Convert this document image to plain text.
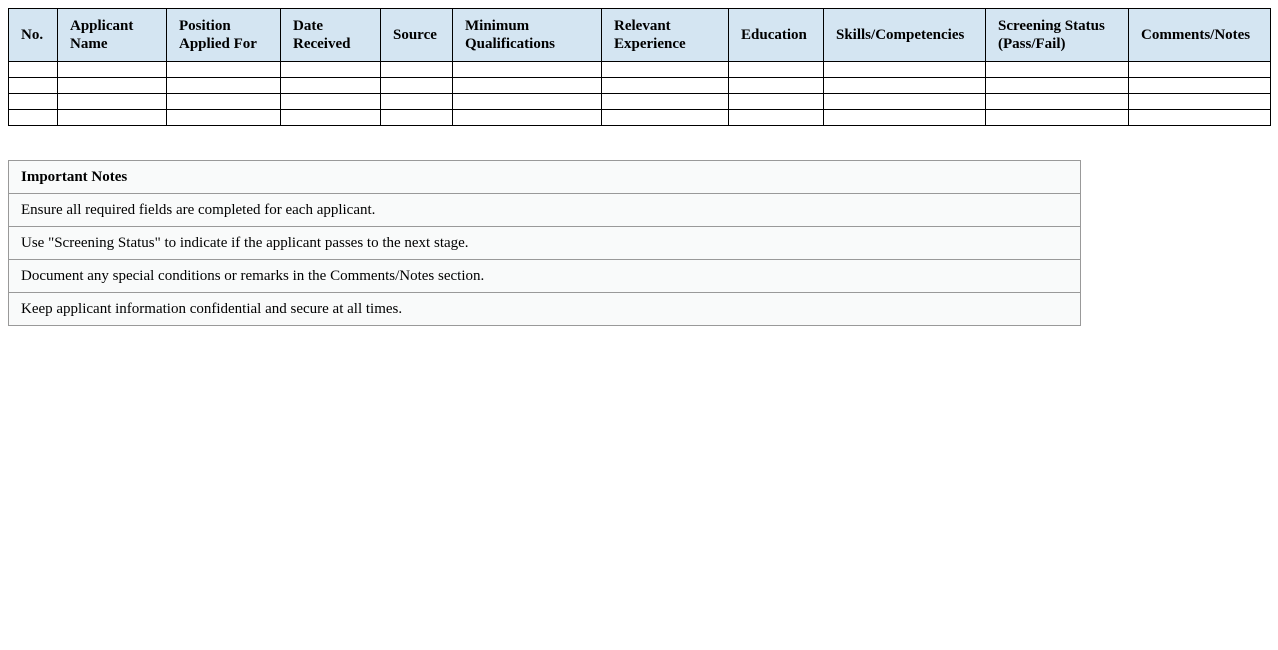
No.	Applicant Name	Position Applied For	Date Received	Source	Minimum Qualifications	Relevant Experience	Education	Skills/Competencies	Screening Status (Pass/Fail)	Comments/Notes

Important Notes
Ensure all required fields are completed for each applicant.
Use "Screening Status" to indicate if the applicant passes to the next stage.
Document any special conditions or remarks in the Comments/Notes section.
Keep applicant information confidential and secure at all times.
